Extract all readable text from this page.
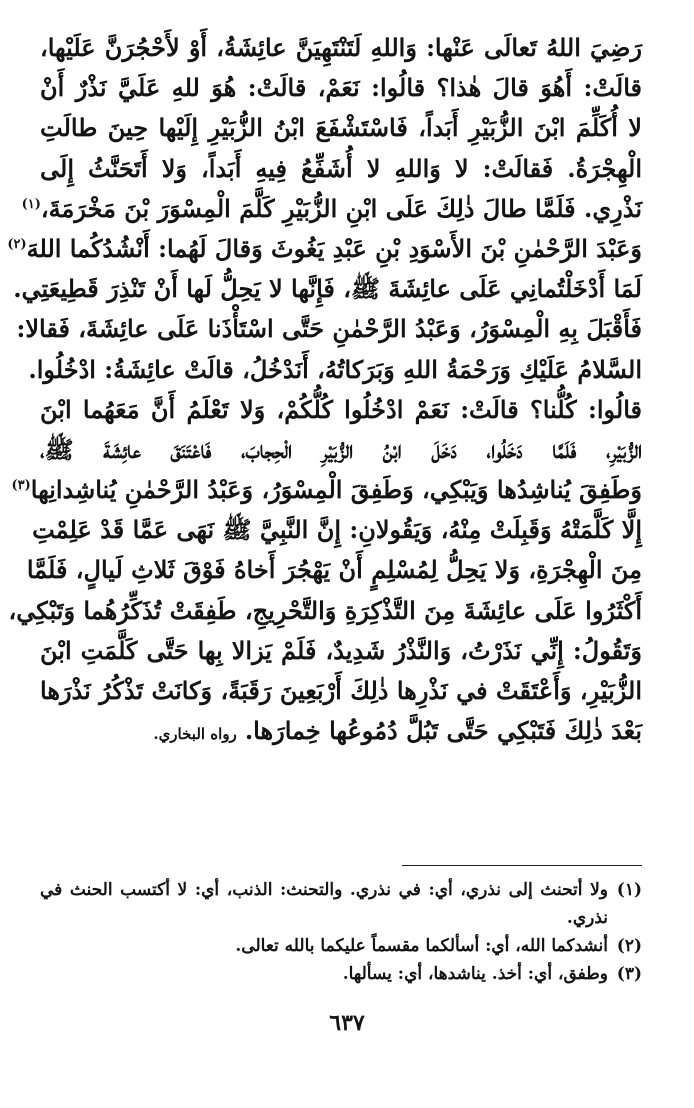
رَضِيَ اللهُ تَعالَى عَنْها: وَاللهِ لَتَنْتَهِيَنَّ عائِشَةُ، أَوْ لأَحْجُرَنَّ عَلَيْها،
قالَتْ: أَهُوَ قالَ هٰذا؟ قالُوا: نَعَمْ، قالَتْ: هُوَ للهِ عَلَيَّ نَذْرٌ أَنْ
لا أُكَلِّمَ ابْنَ الزُّبَيْرِ أَبَداً، فَاسْتَشْفَعَ ابْنُ الزُّبَيْرِ إِلَيْها حِينَ طالَتِ
الْهِجْرَةُ. فَقالَتْ: لا وَاللهِ لا أُشَفِّعُ فِيهِ أَبَداً، وَلا أَتَحَنَّثُ إِلَى
نَذْرِي. فَلَمَّا طالَ ذٰلِكَ عَلَى ابْنِ الزُّبَيْرِ كَلَّمَ الْمِسْوَرَ بْنَ مَخْرَمَةَ،$^{(١)}$
وَعَبْدَ الرَّحْمٰنِ بْنَ الأَسْوَدِ بْنِ عَبْدِ يَغُوثَ وَقالَ لَهُما: أَنْشُدُكُما اللهَ$^{(٢)}$
لَمَا أَدْخَلْتُمانِي عَلَى عائِشَةَ ﷺ، فَإِنَّها لا يَحِلُّ لَها أَنْ تَنْذِرَ قَطِيعَتِي.
فَأَقْبَلَ بِهِ الْمِسْوَرُ، وَعَبْدُ الرَّحْمٰنِ حَتَّى اسْتَأْذَنا عَلَى عائِشَةَ، فَقالا:
السَّلامُ عَلَيْكِ وَرَحْمَةُ اللهِ وَبَرَكاتُهُ، أَنَدْخُلُ، قالَتْ عائِشَةُ: ادْخُلُوا.
قالُوا: كُلُّنا؟ قالَتْ: نَعَمْ ادْخُلُوا كُلُّكُمْ، وَلا تَعْلَمُ أَنَّ مَعَهُما ابْنَ
الزُّبَيْرِ، فَلَمَّا دَخَلُوا، دَخَلَ ابْنُ الزُّبَيْرِ الْحِجابَ، فَاعْتَنَقَ عائِشَةَ ﷺ،
وَطَفِقَ يُناشِدُها وَيَبْكِي، وَطَفِقَ الْمِسْوَرُ، وَعَبْدُ الرَّحْمٰنِ يُناشِدانِها$^{(٣)}$
إِلَّا كَلَّمَتْهُ وَقَبِلَتْ مِنْهُ، وَيَقُولانِ: إِنَّ النَّبِيَّ ﷺ نَهَى عَمَّا قَدْ عَلِمْتِ
مِنَ الْهِجْرَةِ، وَلا يَحِلُّ لِمُسْلِمٍ أَنْ يَهْجُرَ أَخاهُ فَوْقَ ثَلاثِ لَيالٍ، فَلَمَّا
أَكْثَرُوا عَلَى عائِشَةَ مِنَ التَّذْكِرَةِ وَالتَّحْرِيجِ، طَفِقَتْ تُذَكِّرُهُما وَتَبْكِي،
وَتَقُولُ: إِنِّي نَذَرْتُ، وَالنَّذْرُ شَدِيدٌ، فَلَمْ يَزالا بِها حَتَّى كَلَّمَتِ ابْنَ
الزُّبَيْرِ، وَأَعْتَقَتْ في نَذْرِها ذٰلِكَ أَرْبَعِينَ رَقَبَةً، وَكانَتْ تَذْكُرُ نَذْرَها
بَعْدَ ذٰلِكَ فَتَبْكِي حَتَّى تَبُلَّ دُمُوعُها خِمارَها.رواه البخاري.
(١)
ولا أتحنث إلى نذري، أي: في نذري. والتحنث: الذنب، أي: لا أكتسب الحنث في نذري.
(٢)
أنشدكما الله، أي: أسألكما مقسماً عليكما بالله تعالى.
(٣)
وطفق، أي: أخذ. يناشدها، أي: يسألها.
٦٣٧
